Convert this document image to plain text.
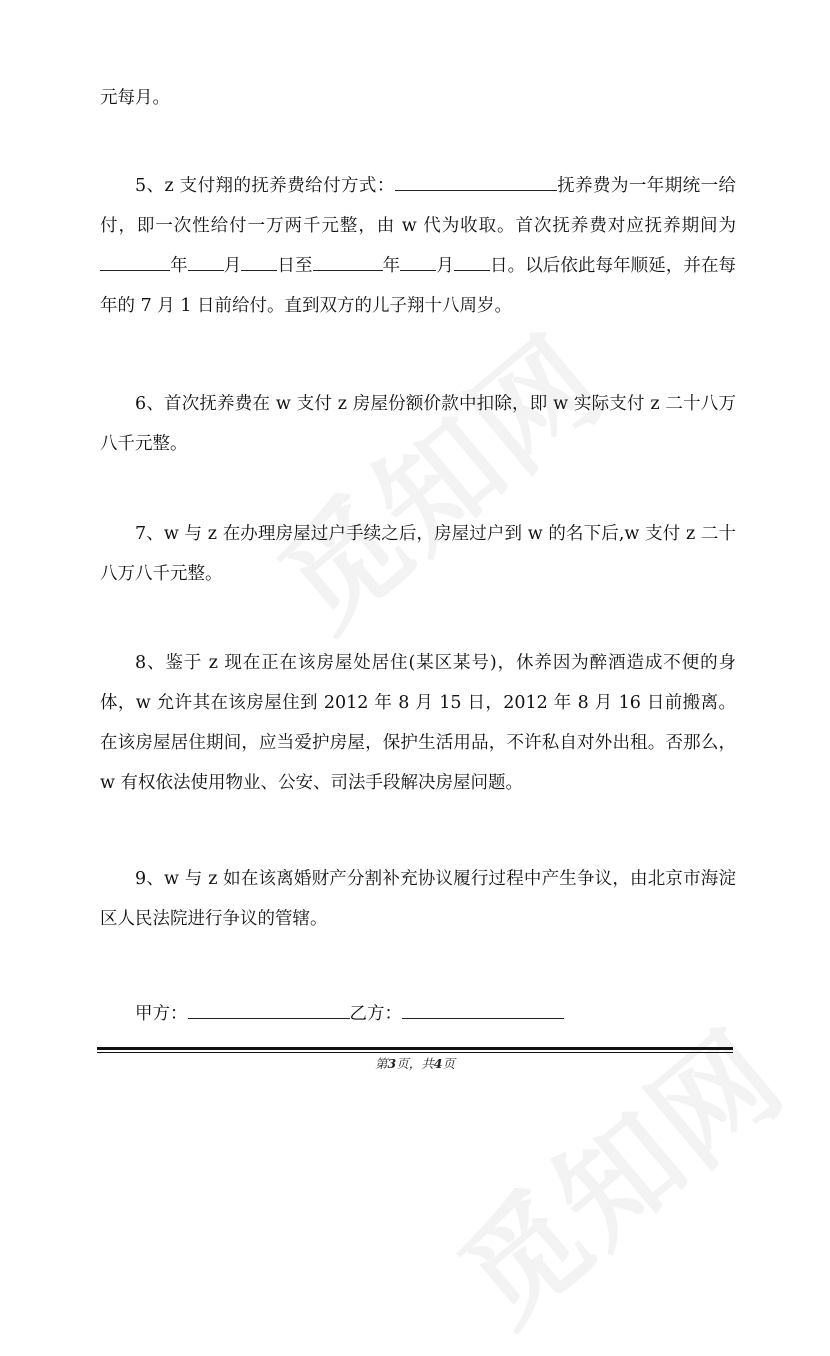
元每月。

5、z 支付翔的抚养费给付方式：	抚养费为一年期统一给付，即一次性给付一万两千元整，由 w 代为收取。首次抚养费对应抚养期间为年 月 日至	年 月 日。以后依此每年顺延，并在每年的 7 月 1 日前给付。直到双方的儿子翔十八周岁。

6、首次抚养费在 w 支付 z 房屋份额价款中扣除，即 w 实际支付 z 二十八万八千元整。

7、w 与 z 在办理房屋过户手续之后，房屋过户到 w 的名下后,w 支付 z 二十八万八千元整。

8、鉴于 z 现在正在该房屋处居住(某区某号)，休养因为醉酒造成不便的身体，w 允许其在该房屋住到 2012 年 8 月 15 日，2012 年 8 月 16 日前搬离。在该房屋居住期间，应当爱护房屋，保护生活用品，不许私自对外出租。否那么，w 有权依法使用物业、公安、司法手段解决房屋问题。

9、w 与 z 如在该离婚财产分割补充协议履行过程中产生争议，由北京市海淀区人民法院进行争议的管辖。

甲方：	乙方：
第3页，共4页
